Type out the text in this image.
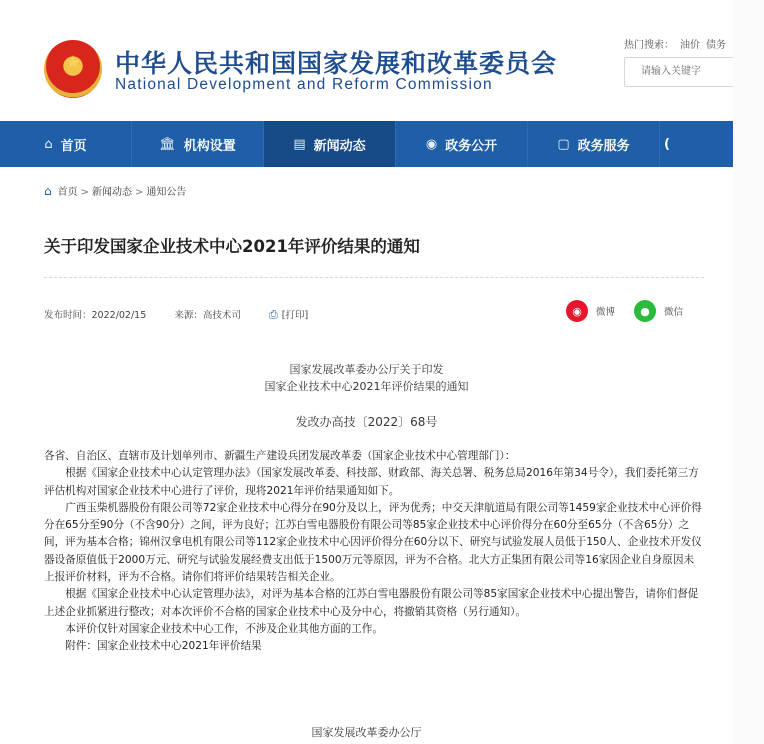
★	中华人民共和国国家发展和改革委员会
National Development and Reform Commission
热门搜索： 油价 债务
请输入关键字
⌂ 首页	🏛 机构设置	▤ 新闻动态	◉ 政务公开	▢ 政务服务	(
⌂ 首页 > 新闻动态 > 通知公告
关于印发国家企业技术中心2021年评价结果的通知
发布时间：2022/02/15	来源：高技术司	⎙ [打印]	◉	微博	●	微信
国家发展改革委办公厅关于印发
国家企业技术中心2021年评价结果的通知
发改办高技〔2022〕68号

各省、自治区、直辖市及计划单列市、新疆生产建设兵团发展改革委（国家企业技术中心管理部门）：

根据《国家企业技术中心认定管理办法》（国家发展改革委、科技部、财政部、海关总署、税务总局2016年第34号令），我们委托第三方评估机构对国家企业技术中心进行了评价，现将2021年评价结果通知如下。

广西玉柴机器股份有限公司等72家企业技术中心得分在90分及以上，评为优秀；中交天津航道局有限公司等1459家企业技术中心评价得分在65分至90分（不含90分）之间，评为良好；江苏白雪电器股份有限公司等85家企业技术中心评价得分在60分至65分（不含65分）之间，评为基本合格；锦州汉拿电机有限公司等112家企业技术中心因评价得分在60分以下、研究与试验发展人员低于150人、企业技术开发仪器设备原值低于2000万元、研究与试验发展经费支出低于1500万元等原因，评为不合格。北大方正集团有限公司等16家因企业自身原因未上报评价材料，评为不合格。请你们将评价结果转告相关企业。

根据《国家企业技术中心认定管理办法》，对评为基本合格的江苏白雪电器股份有限公司等85家国家企业技术中心提出警告，请你们督促上述企业抓紧进行整改；对本次评价不合格的国家企业技术中心及分中心，将撤销其资格（另行通知）。

本评价仅针对国家企业技术中心工作，不涉及企业其他方面的工作。

附件：国家企业技术中心2021年评价结果

国家发展改革委办公厅
